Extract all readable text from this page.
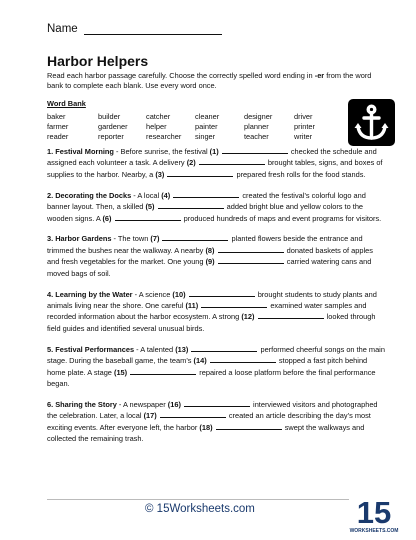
Name
Harbor Helpers
Read each harbor passage carefully. Choose the correctly spelled word ending in -er from the word bank to complete each blank. Use every word once.
Word Bank
baker	builder	catcher	cleaner	designer	driver
farmer	gardener	helper	painter	planner	printer
reader	reporter	researcher	singer	teacher	writer
1. Festival Morning - Before sunrise, the festival (1)	checked the schedule and assigned each volunteer a task. A delivery (2)	brought tables, signs, and boxes of supplies to the harbor. Nearby, a (3)	prepared fresh rolls for the food stands.
2. Decorating the Docks - A local (4)	created the festival’s colorful logo and banner layout. Then, a skilled (5)	added bright blue and yellow colors to the wooden signs. A (6)	produced hundreds of maps and event programs for visitors.
3. Harbor Gardens - The town (7)	planted flowers beside the entrance and trimmed the bushes near the walkway. A nearby (8)	donated baskets of apples and fresh vegetables for the market. One young (9)	carried watering cans and moved bags of soil.
4. Learning by the Water - A science (10)	brought students to study plants and animals living near the shore. One careful (11)	examined water samples and recorded information about the harbor ecosystem. A strong (12)	looked through field guides and identified several unusual birds.
5. Festival Performances - A talented (13)	performed cheerful songs on the main stage. During the baseball game, the team’s (14)	stopped a fast pitch behind home plate. A stage (15)	repaired a loose platform before the final performance began.
6. Sharing the Story - A newspaper (16)	interviewed visitors and photographed the celebration. Later, a local (17)	created an article describing the day’s most exciting events. After everyone left, the harbor (18)	swept the walkways and collected the remaining trash.
© 15Worksheets.com	15
WORKSHEETS.COM
